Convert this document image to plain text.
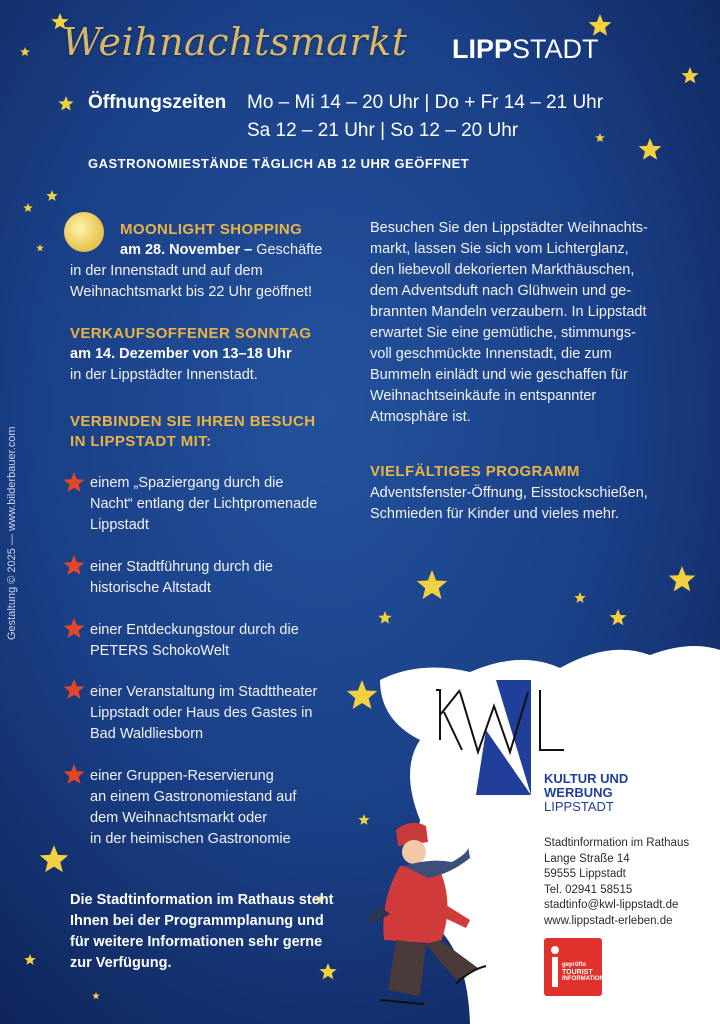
Weihnachtsmarkt LIPPSTADT
Öffnungszeiten Mo – Mi 14 – 20 Uhr | Do + Fr 14 – 21 Uhr
Sa 12 – 21 Uhr | So 12 – 20 Uhr
GASTRONOMIESTÄNDE TÄGLICH AB 12 UHR GEÖFFNET
MOONLIGHT SHOPPING
am 28. November – Geschäfte
in der Innenstadt und auf dem
Weihnachtsmarkt bis 22 Uhr geöffnet!
VERKAUFSOFFENER SONNTAG
am 14. Dezember von 13–18 Uhr
in der Lippstädter Innenstadt.
VERBINDEN SIE IHREN BESUCH
IN LIPPSTADT MIT:
einem „Spaziergang durch die
Nacht“ entlang der Lichtpromenade
Lippstadt
einer Stadtführung durch die
historische Altstadt
einer Entdeckungstour durch die
PETERS SchokoWelt
einer Veranstaltung im Stadttheater
Lippstadt oder Haus des Gastes in
Bad Waldliesborn
einer Gruppen-Reservierung
an einem Gastronomiestand auf
dem Weihnachtsmarkt oder
in der heimischen Gastronomie
Die Stadtinformation im Rathaus steht
Ihnen bei der Programmplanung und
für weitere Informationen sehr gerne
zur Verfügung.
Besuchen Sie den Lippstädter Weihnachts-
markt, lassen Sie sich vom Lichterglanz,
den liebevoll dekorierten Markthäuschen,
dem Adventsduft nach Glühwein und ge-
brannten Mandeln verzaubern. In Lippstadt
erwartet Sie eine gemütliche, stimmungs-
voll geschmückte Innenstadt, die zum
Bummeln einlädt und wie geschaffen für
Weihnachtseinkäufe in entspannter
Atmosphäre ist.
VIELFÄLTIGES PROGRAMM
Adventsfenster-Öffnung, Eisstockschießen,
Schmieden für Kinder und vieles mehr.
Gestaltung © 2025 — www.bilderbauer.com
KULTUR UND
WERBUNG
LIPPSTADT
Stadtinformation im Rathaus
Lange Straße 14
59555 Lippstadt
Tel. 02941 58515
stadtinfo@kwl-lippstadt.de
www.lippstadt-erleben.de
geprüfte
TOURIST
INFORMATION
